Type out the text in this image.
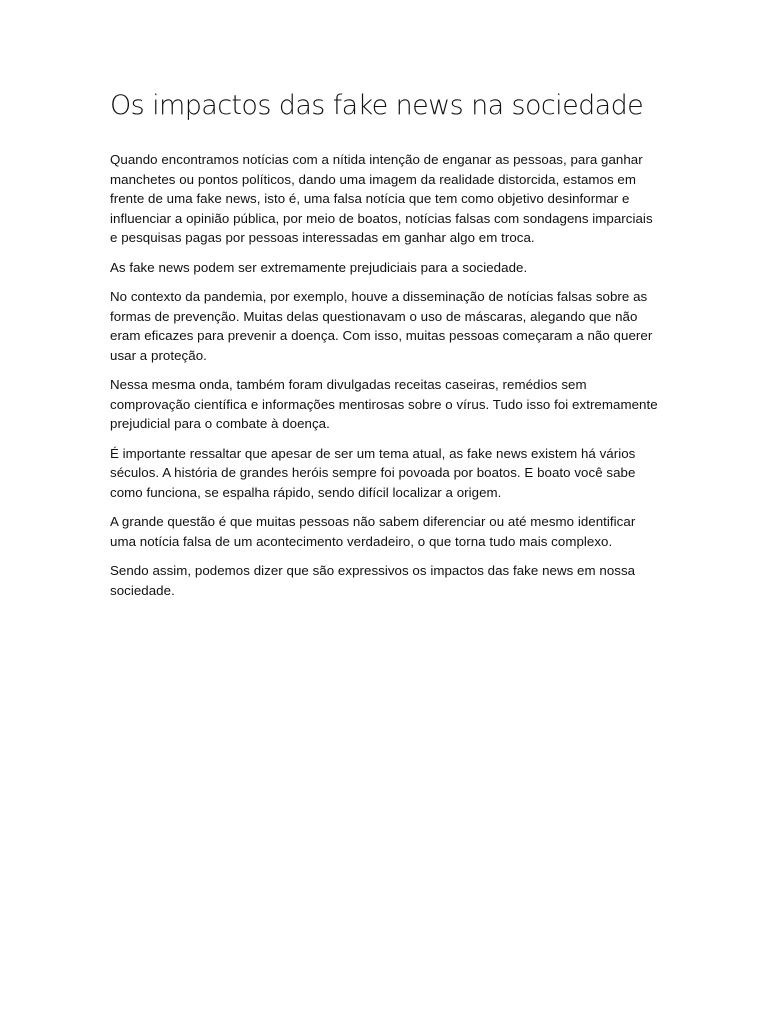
Os impactos das fake news na sociedade

Quando encontramos notícias com a nítida intenção de enganar as pessoas, para ganhar manchetes ou pontos políticos, dando uma imagem da realidade distorcida, estamos em frente de uma fake news, isto é, uma falsa notícia que tem como objetivo desinformar e influenciar a opinião pública, por meio de boatos, notícias falsas com sondagens imparciais e pesquisas pagas por pessoas interessadas em ganhar algo em troca.

As fake news podem ser extremamente prejudiciais para a sociedade.

No contexto da pandemia, por exemplo, houve a disseminação de notícias falsas sobre as formas de prevenção. Muitas delas questionavam o uso de máscaras, alegando que não eram eficazes para prevenir a doença. Com isso, muitas pessoas começaram a não querer usar a proteção.

Nessa mesma onda, também foram divulgadas receitas caseiras, remédios sem comprovação científica e informações mentirosas sobre o vírus. Tudo isso foi extremamente prejudicial para o combate à doença.

É importante ressaltar que apesar de ser um tema atual, as fake news existem há vários séculos. A história de grandes heróis sempre foi povoada por boatos. E boato você sabe como funciona, se espalha rápido, sendo difícil localizar a origem.

A grande questão é que muitas pessoas não sabem diferenciar ou até mesmo identificar uma notícia falsa de um acontecimento verdadeiro, o que torna tudo mais complexo.

Sendo assim, podemos dizer que são expressivos os impactos das fake news em nossa sociedade.
